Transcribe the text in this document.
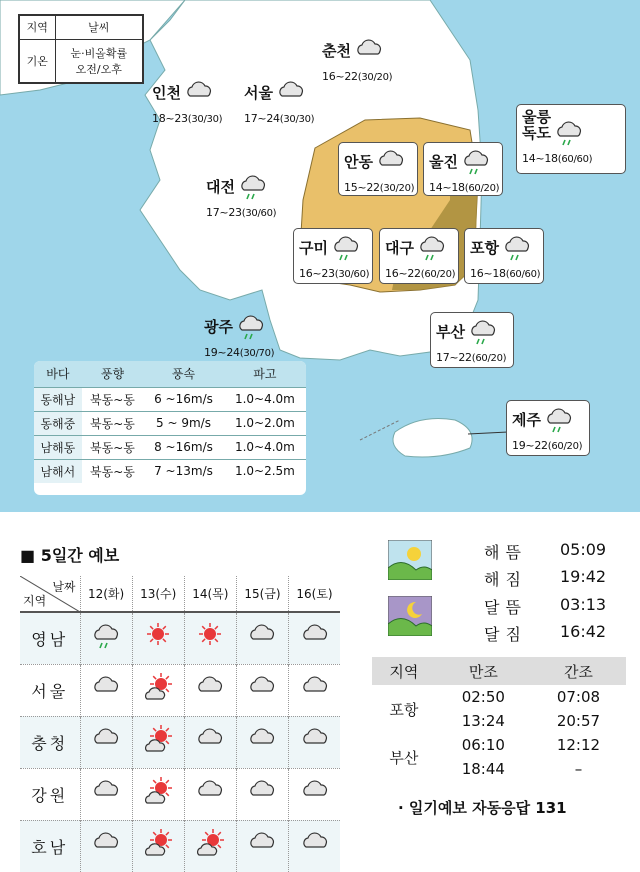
지역	날씨
기온	눈·비올확률
오전/오후
춘천
16~22(30/20)
인천
18~23(30/30)
서울
17~24(30/30)	울릉
독도
14~18(60/60)
안동
15~22(30/20)
울진
14~18(60/20)
대전
17~23(30/60)
구미
16~23(30/60)
대구
16~22(60/20)
포항
16~18(60/60)
광주
19~24(30/70)
부산
17~22(60/20)
제주
19~22(60/20)
바다	풍향	풍속	파고
동해남	북동~동	6 ~16m/s	1.0~4.0m
동해중	북동~동	5 ~ 9m/s	1.0~2.0m
남해동	북동~동	8 ~16m/s	1.0~4.0m
남해서	북동~동	7 ~13m/s	1.0~2.5m
■ 5일간 예보
날짜
지역	12(화)	13(수)	14(목)	15(금)	16(토)
영남					
서울					
충청					
강원					
호남					
해뜸 05:09
해짐 19:42
달뜸 03:13
달짐 16:42
지역	만조	간조
포항	02:50	07:08
	13:24	20:57
부산	06:10	12:12
	18:44	–
· 일기예보 자동응답 131
